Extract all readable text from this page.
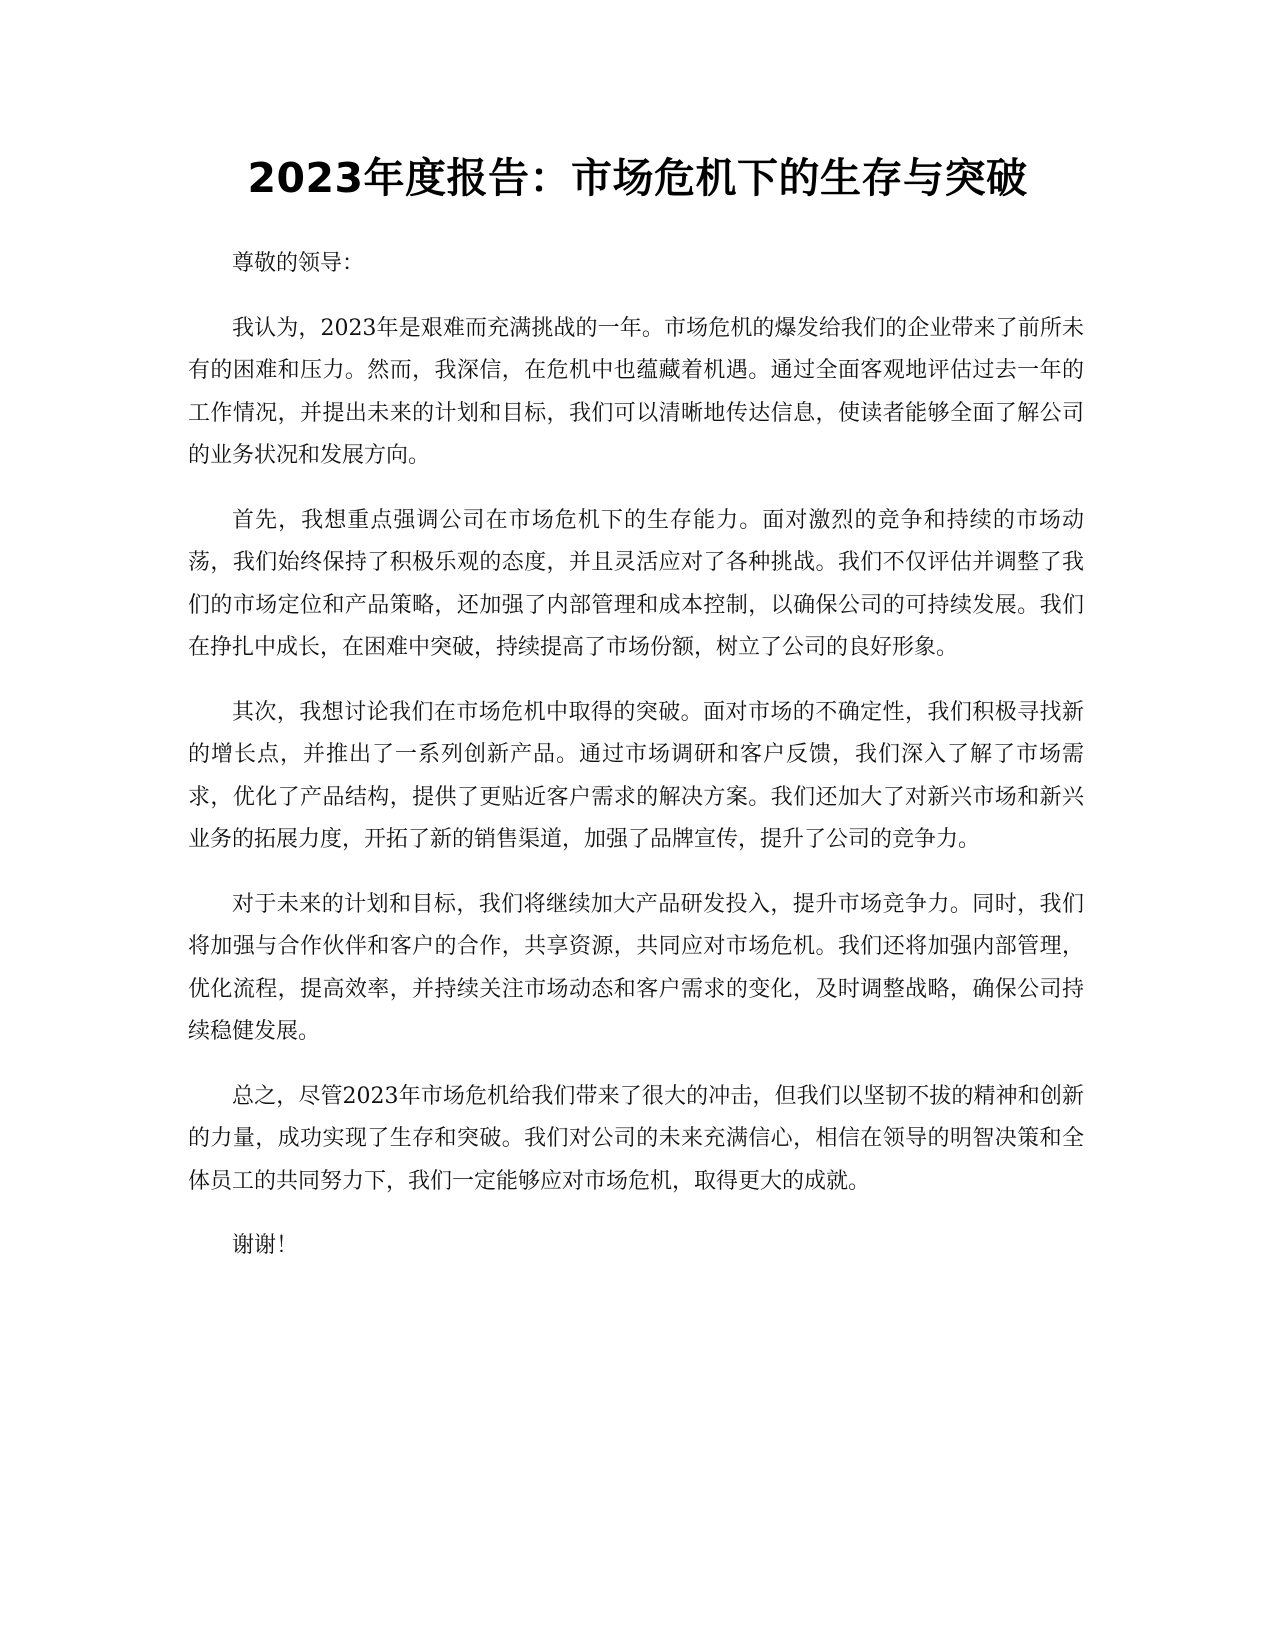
2023年度报告：市场危机下的生存与突破

尊敬的领导：

我认为，2023年是艰难而充满挑战的一年。市场危机的爆发给我们的企业带来了前所未有的困难和压力。然而，我深信，在危机中也蕴藏着机遇。通过全面客观地评估过去一年的工作情况，并提出未来的计划和目标，我们可以清晰地传达信息，使读者能够全面了解公司的业务状况和发展方向。

首先，我想重点强调公司在市场危机下的生存能力。面对激烈的竞争和持续的市场动荡，我们始终保持了积极乐观的态度，并且灵活应对了各种挑战。我们不仅评估并调整了我们的市场定位和产品策略，还加强了内部管理和成本控制，以确保公司的可持续发展。我们在挣扎中成长，在困难中突破，持续提高了市场份额，树立了公司的良好形象。

其次，我想讨论我们在市场危机中取得的突破。面对市场的不确定性，我们积极寻找新的增长点，并推出了一系列创新产品。通过市场调研和客户反馈，我们深入了解了市场需求，优化了产品结构，提供了更贴近客户需求的解决方案。我们还加大了对新兴市场和新兴业务的拓展力度，开拓了新的销售渠道，加强了品牌宣传，提升了公司的竞争力。

对于未来的计划和目标，我们将继续加大产品研发投入，提升市场竞争力。同时，我们将加强与合作伙伴和客户的合作，共享资源，共同应对市场危机。我们还将加强内部管理，优化流程，提高效率，并持续关注市场动态和客户需求的变化，及时调整战略，确保公司持续稳健发展。

总之，尽管2023年市场危机给我们带来了很大的冲击，但我们以坚韧不拔的精神和创新的力量，成功实现了生存和突破。我们对公司的未来充满信心，相信在领导的明智决策和全体员工的共同努力下，我们一定能够应对市场危机，取得更大的成就。

谢谢！
